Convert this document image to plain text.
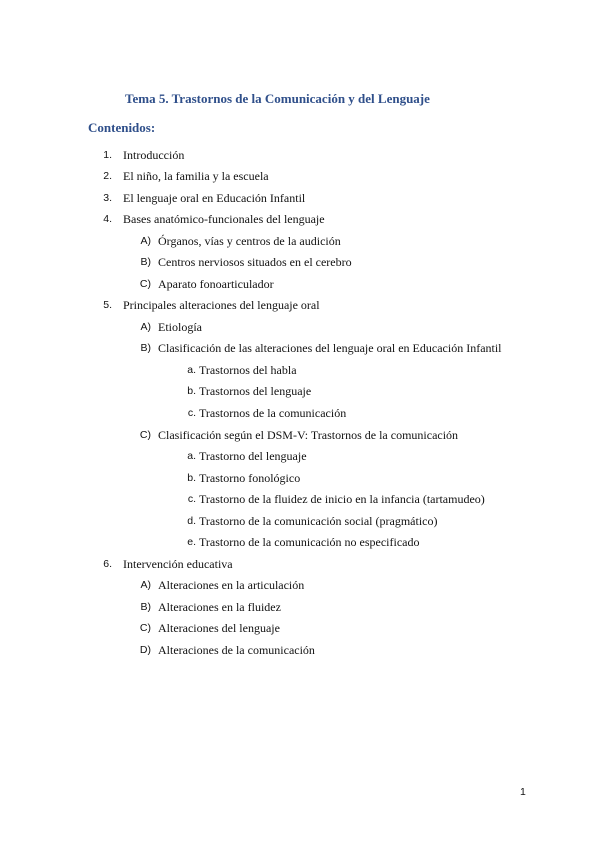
Tema 5. Trastornos de la Comunicación y del Lenguaje
Contenidos:
1. Introducción
2. El niño, la familia y la escuela
3. El lenguaje oral en Educación Infantil
4. Bases anatómico-funcionales del lenguaje
A) Órganos, vías y centros de la audición
B) Centros nerviosos situados en el cerebro
C) Aparato fonoarticulador
5. Principales alteraciones del lenguaje oral
A) Etiología
B) Clasificación de las alteraciones del lenguaje oral en Educación Infantil
a. Trastornos del habla
b. Trastornos del lenguaje
c. Trastornos de la comunicación
C) Clasificación según el DSM-V: Trastornos de la comunicación
a. Trastorno del lenguaje
b. Trastorno fonológico
c. Trastorno de la fluidez de inicio en la infancia (tartamudeo)
d. Trastorno de la comunicación social (pragmático)
e. Trastorno de la comunicación no especificado
6. Intervención educativa
A) Alteraciones en la articulación
B) Alteraciones en la fluidez
C) Alteraciones del lenguaje
D) Alteraciones de la comunicación
1
